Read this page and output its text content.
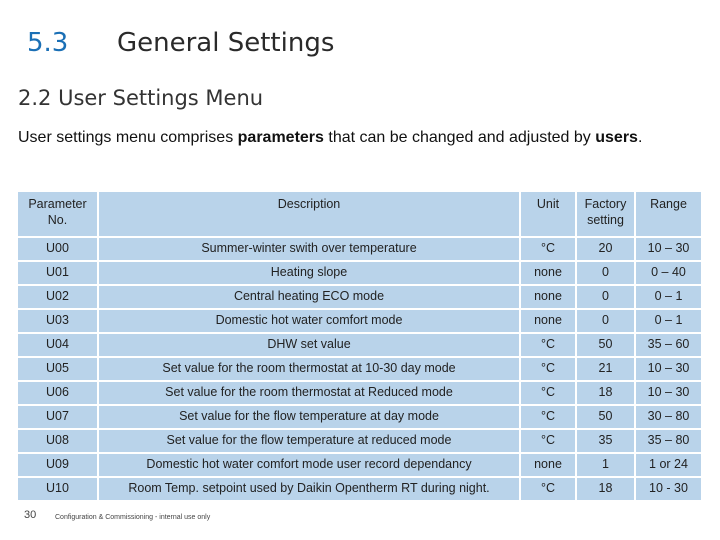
5.3 General Settings
2.2 User Settings Menu
User settings menu comprises parameters that can be changed and adjusted by users.
Parameter No.	Description	Unit	Factory setting	Range
U00	Summer-winter swith over temperature	°C	20	10 – 30
U01	Heating slope	none	0	0 – 40
U02	Central heating ECO mode	none	0	0 – 1
U03	Domestic hot water comfort mode	none	0	0 – 1
U04	DHW set value	°C	50	35 – 60
U05	Set value for the room thermostat at 10-30 day mode	°C	21	10 – 30
U06	Set value for the room thermostat at Reduced mode	°C	18	10 – 30
U07	Set value for the flow temperature at day mode	°C	50	30 – 80
U08	Set value for the flow temperature at reduced mode	°C	35	35 – 80
U09	Domestic hot water comfort mode user record dependancy	none	1	1 or 24
U10	Room Temp. setpoint used by Daikin Opentherm RT during night.	°C	18	10 - 30
30	Configuration & Commissioning - internal use only
